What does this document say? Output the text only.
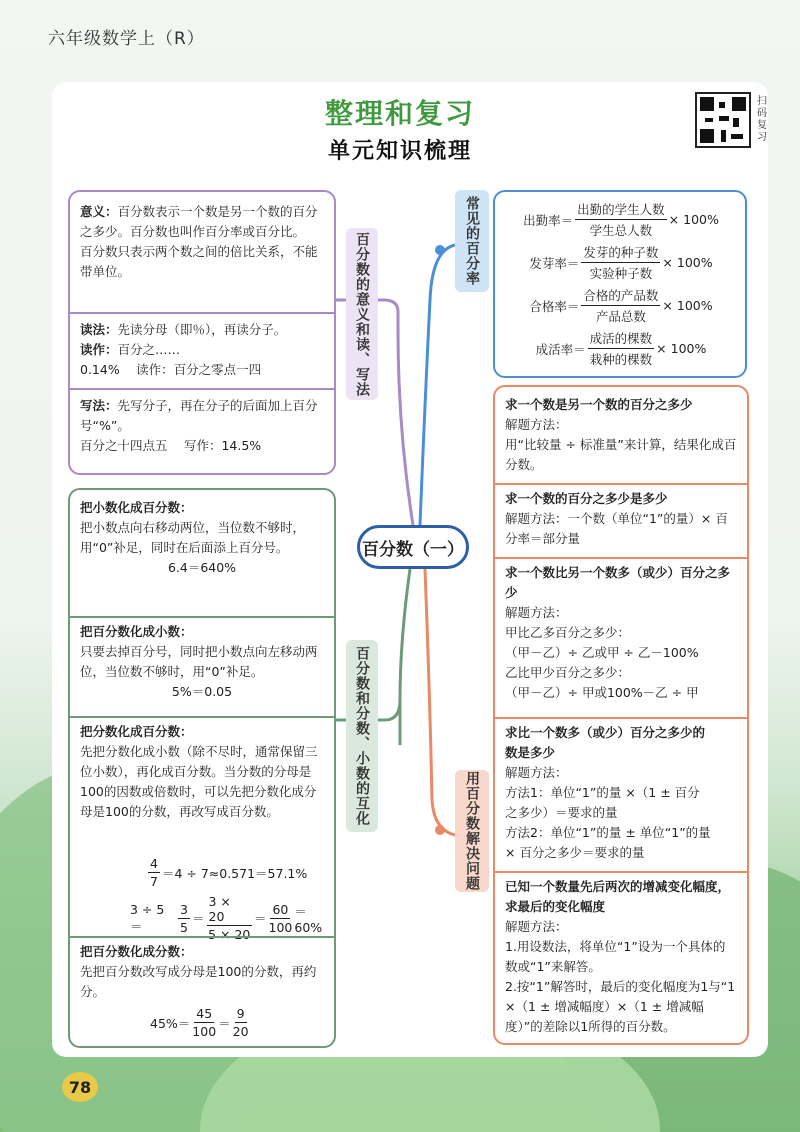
六年级数学上（R）
整理和复习
单元知识梳理
扫码复习

意义：百分数表示一个数是另一个数的百分之多少。百分数也叫作百分率或百分比。

百分数只表示两个数之间的倍比关系，不能带单位。

读法：先读分母（即％），再读分子。

读作：百分之……

0.14%　 读作：百分之零点一四

写法：先写分子，再在分子的后面加上百分号“%”。

百分之十四点五　 写作：14.5%

百分数的意义和读、写法

把小数化成百分数：

把小数点向右移动两位，当位数不够时，用“0”补足，同时在后面添上百分号。

6.4＝640%

把百分数化成小数：

只要去掉百分号，同时把小数点向左移动两位，当位数不够时，用“0”补足。

5%＝0.05

把分数化成百分数：

先把分数化成小数（除不尽时，通常保留三位小数），再化成百分数。当分数的分母是100的因数或倍数时，可以先把分数化成分母是100的分数，再改写成百分数。

$\frac{4}{7} =4 \div 7\approx 0.571=57.1\%$
3 ÷ 5＝	$\frac{3}{5} = \frac{3 \times 20}{5 \times 20} = \frac{60}{100} =60\%$

把百分数化成分数：

先把百分数改写成分母是100的分数，再约分。

$45\%= \frac{45}{100} = \frac{9}{20}$
百分数和分数、小数的互化
百分数（一）
常见的百分率	出勤率 ＝ $\frac{\text{出勤的学生人数}}{\text{学生总人数}} \times 100\%$
发芽率 ＝ $\frac{\text{发芽的种子数}}{\text{实验种子数}} \times 100\%$
合格率 ＝ $\frac{\text{合格的产品数}}{\text{产品总数}} \times 100\%$
成活率 ＝ $\frac{\text{成活的棵数}}{\text{栽种的棵数}} \times 100\%$

求一个数是另一个数的百分之多少

解题方法：

用“比较量 ÷ 标准量”来计算，结果化成百分数。

求一个数的百分之多少是多少

解题方法：一个数（单位“1”的量）× 百分率＝部分量

求一个数比另一个数多（或少）百分之多少

解题方法：

甲比乙多百分之多少：

（甲－乙）÷ 乙或甲 ÷ 乙－100%

乙比甲少百分之多少：

（甲－乙）÷ 甲或100%－乙 ÷ 甲

求比一个数多（或少）百分之多少的数是多少

解题方法：

方法1：单位“1”的量 ×（1 ± 百分之多少）＝要求的量

方法2：单位“1”的量 ± 单位“1”的量 × 百分之多少＝要求的量

已知一个数量先后两次的增减变化幅度，求最后的变化幅度

解题方法：

1.用设数法，将单位“1”设为一个具体的数或“1”来解答。

2.按“1”解答时，最后的变化幅度为1与“1 ×（1 ± 增减幅度）×（1 ± 增减幅度）”的差除以1所得的百分数。

用百分数解决问题
78
